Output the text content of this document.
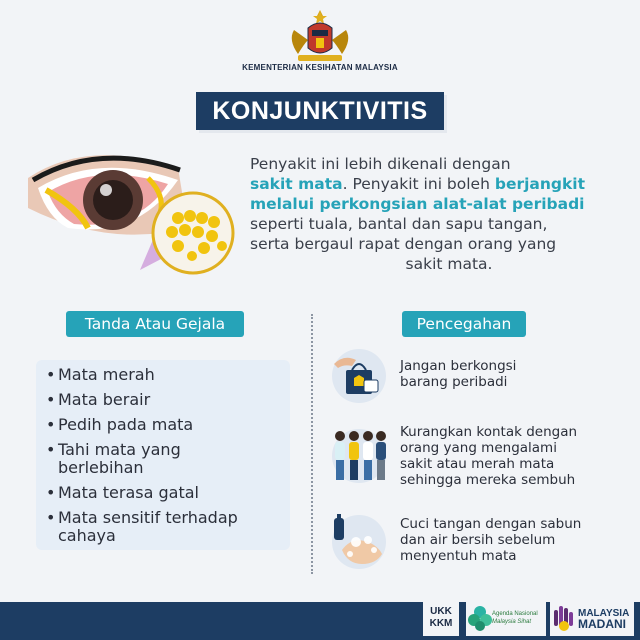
KEMENTERIAN KESIHATAN MALAYSIA
KONJUNKTIVITIS
Penyakit ini lebih dikenali dengan
sakit mata. Penyakit ini boleh berjangkit
melalui perkongsian alat-alat peribadi
seperti tuala, bantal dan sapu tangan,
serta bergaul rapat dengan orang yang
sakit mata.
Tanda Atau Gejala	Pencegahan
• Mata merah
• Mata berair
• Pedih pada mata
• Tahi mata yang
berlebihan
• Mata terasa gatal
• Mata sensitif terhadap
cahaya
Jangan berkongsi
barang peribadi
Kurangkan kontak dengan
orang yang mengalami
sakit atau merah mata
sehingga mereka sembuh
Cuci tangan dengan sabun
dan air bersih sebelum
menyentuh mata
UKK
KKM
Agenda Nasional
Malaysia Sihat
MALAYSIA
MADANI
